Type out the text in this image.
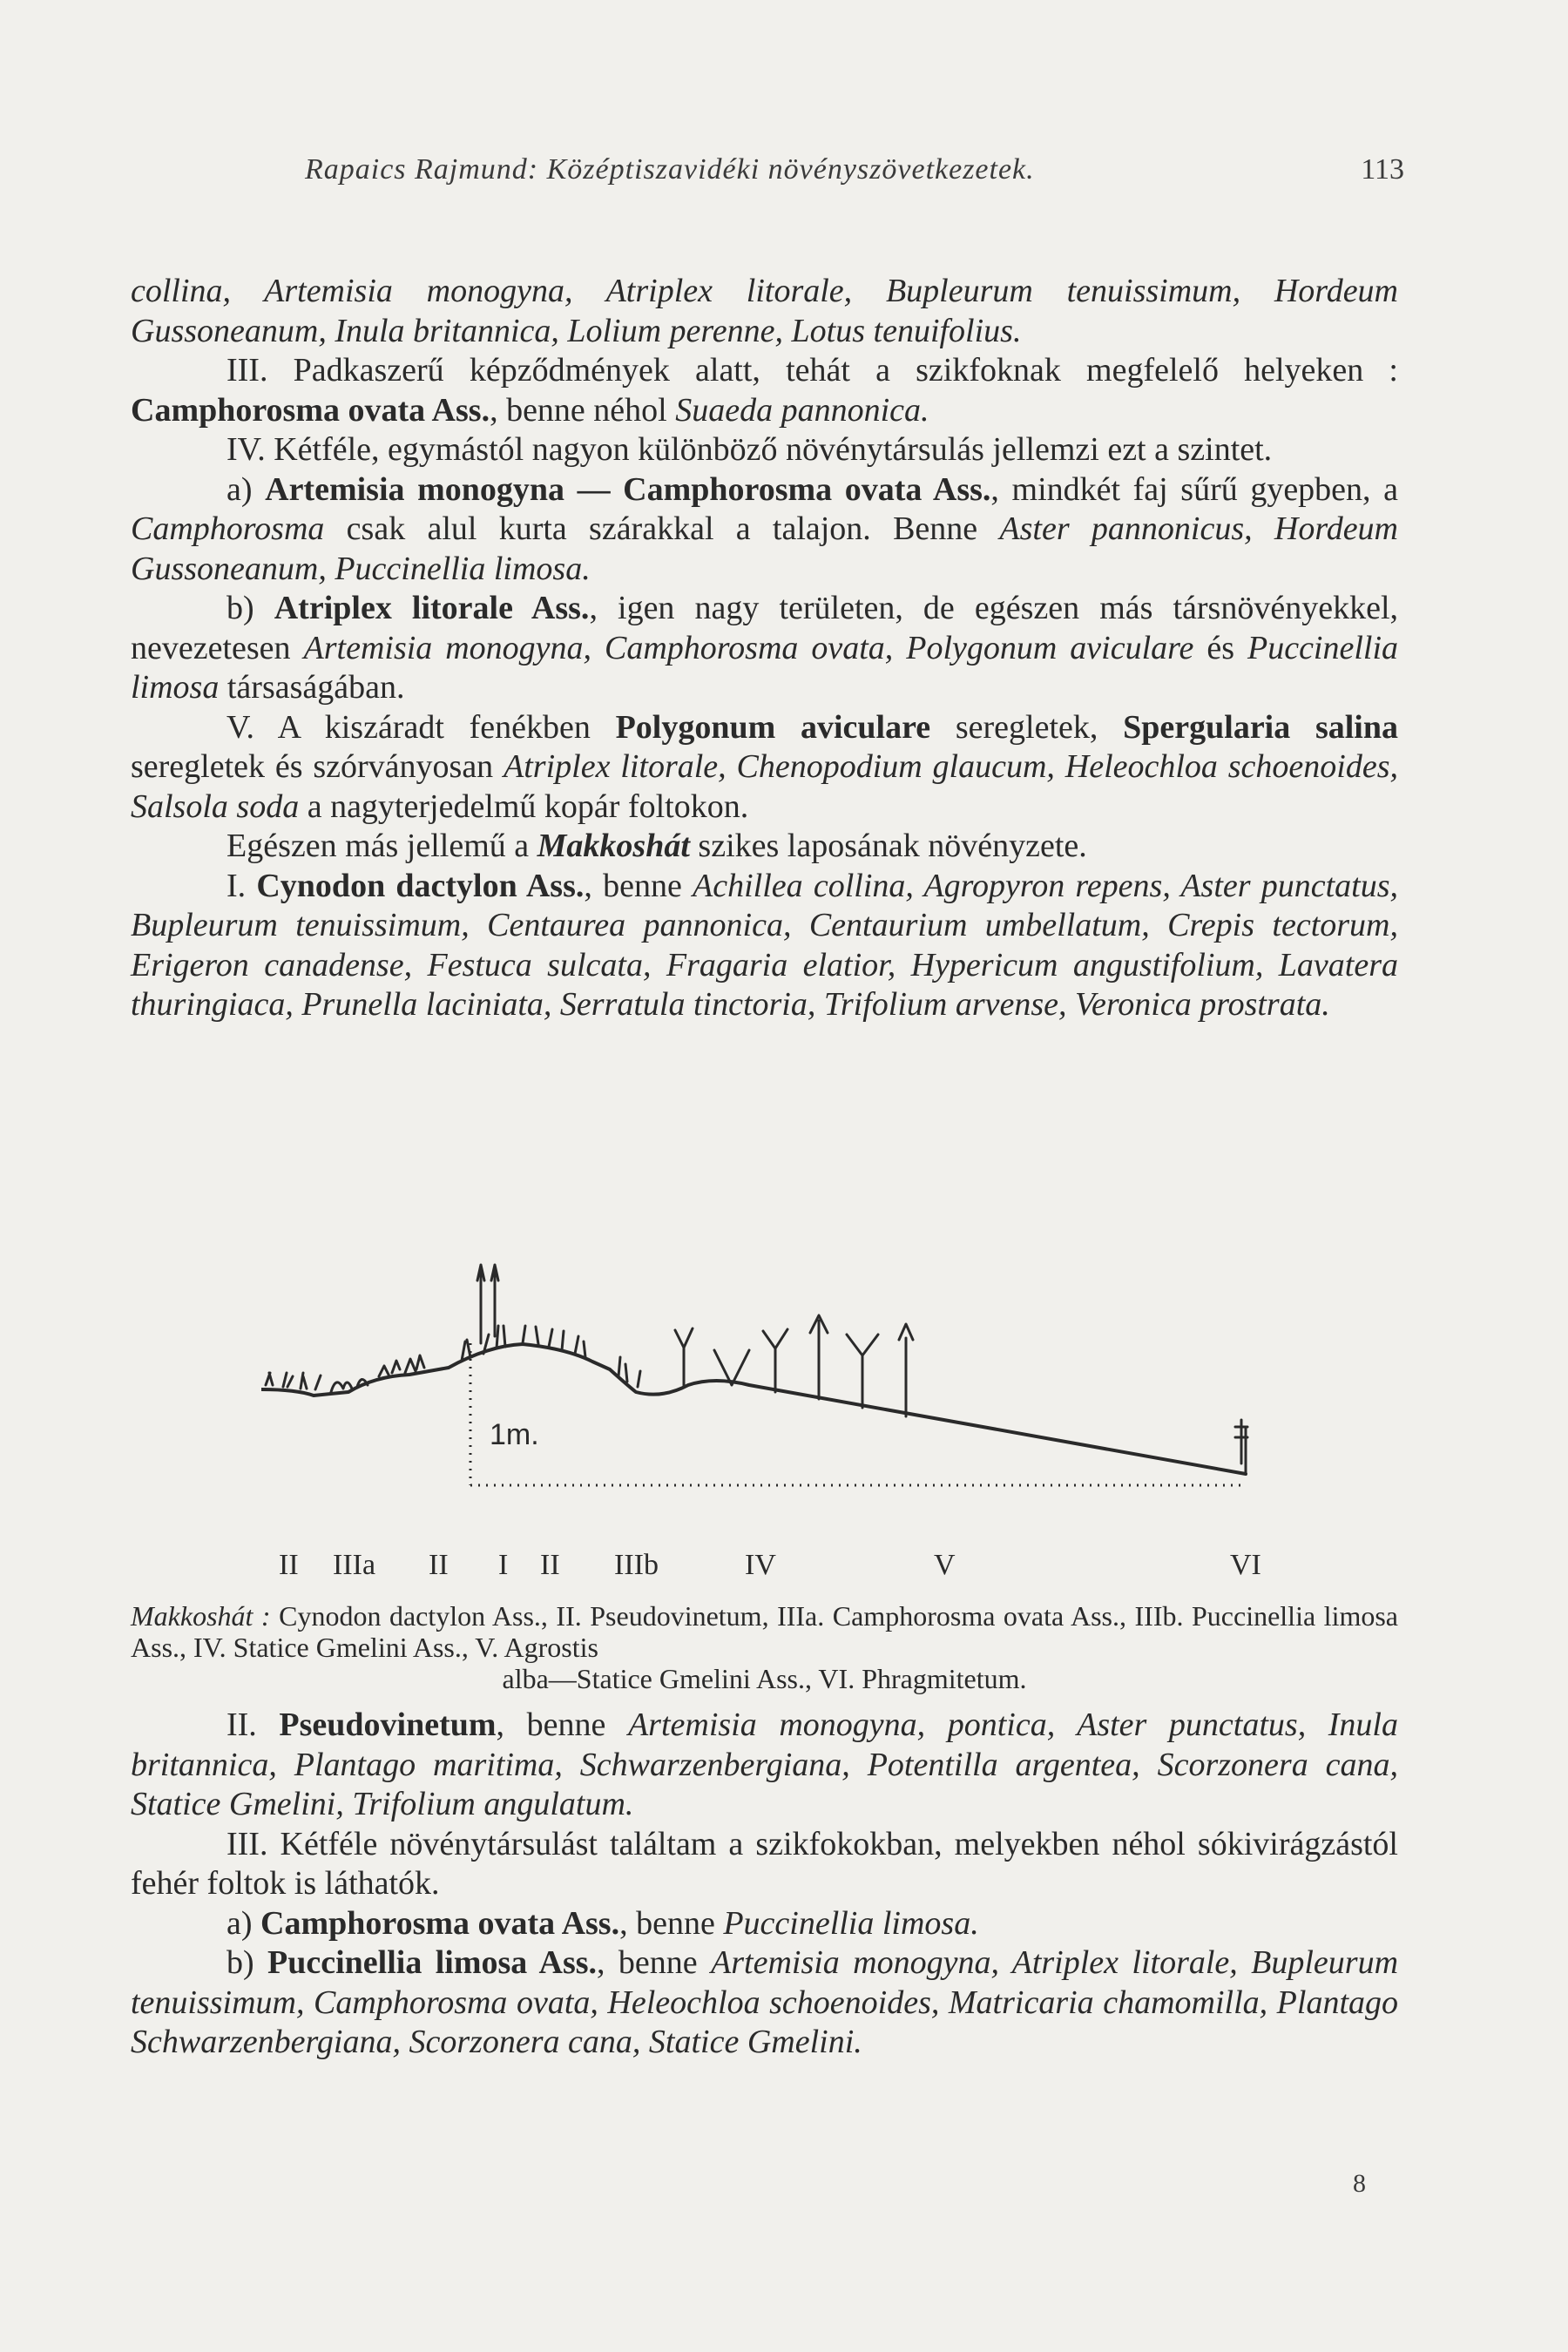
Rapaics Rajmund: Középtiszavidéki növényszövetkezetek.	113

collina, Artemisia monogyna, Atriplex litorale, Bupleurum tenuissimum, Hordeum Gussoneanum, Inula britannica, Lolium perenne, Lotus tenuifolius.

III. Padkaszerű képződmények alatt, tehát a szikfoknak megfelelő helyeken : Camphorosma ovata Ass., benne néhol Suaeda pannonica.

IV. Kétféle, egymástól nagyon különböző növénytársulás jellemzi ezt a szintet.

a) Artemisia monogyna — Camphorosma ovata Ass., mindkét faj sűrű gyepben, a Camphorosma csak alul kurta szárakkal a talajon. Benne Aster pannonicus, Hordeum Gussoneanum, Puccinellia limosa.

b) Atriplex litorale Ass., igen nagy területen, de egészen más társnövényekkel, nevezetesen Artemisia monogyna, Camphorosma ovata, Polygonum aviculare és Puccinellia limosa társaságában.

V. A kiszáradt fenékben Polygonum aviculare seregletek, Spergularia salina seregletek és szórványosan Atriplex litorale, Chenopodium glaucum, Heleochloa schoenoides, Salsola soda a nagyterjedelmű kopár foltokon.

Egészen más jellemű a Makkoshát szikes laposának növényzete.

I. Cynodon dactylon Ass., benne Achillea collina, Agropyron repens, Aster punctatus, Bupleurum tenuissimum, Centaurea pannonica, Centaurium umbellatum, Crepis tectorum, Erigeron canadense, Festuca sulcata, Fragaria elatior, Hypericum angustifolium, Lavatera thuringiaca, Prunella laciniata, Serratula tinctoria, Trifolium arvense, Veronica prostrata.

1m.
II IIIa II I II IIIb	IV	V	VI
Makkoshát : Cynodon dactylon Ass., II. Pseudovinetum, IIIa. Camphorosma ovata Ass., IIIb. Puccinellia limosa Ass., IV. Statice Gmelini Ass., V. Agrostis
alba—Statice Gmelini Ass., VI. Phragmitetum.

II. Pseudovinetum, benne Artemisia monogyna, pontica, Aster punctatus, Inula britannica, Plantago maritima, Schwarzenbergiana, Potentilla argentea, Scorzonera cana, Statice Gmelini, Trifolium angulatum.

III. Kétféle növénytársulást találtam a szikfokokban, melyekben néhol sókivirágzástól fehér foltok is láthatók.

a) Camphorosma ovata Ass., benne Puccinellia limosa.

b) Puccinellia limosa Ass., benne Artemisia monogyna, Atriplex litorale, Bupleurum tenuissimum, Camphorosma ovata, Heleochloa schoenoides, Matricaria chamomilla, Plantago Schwarzenbergiana, Scorzonera cana, Statice Gmelini.

8
